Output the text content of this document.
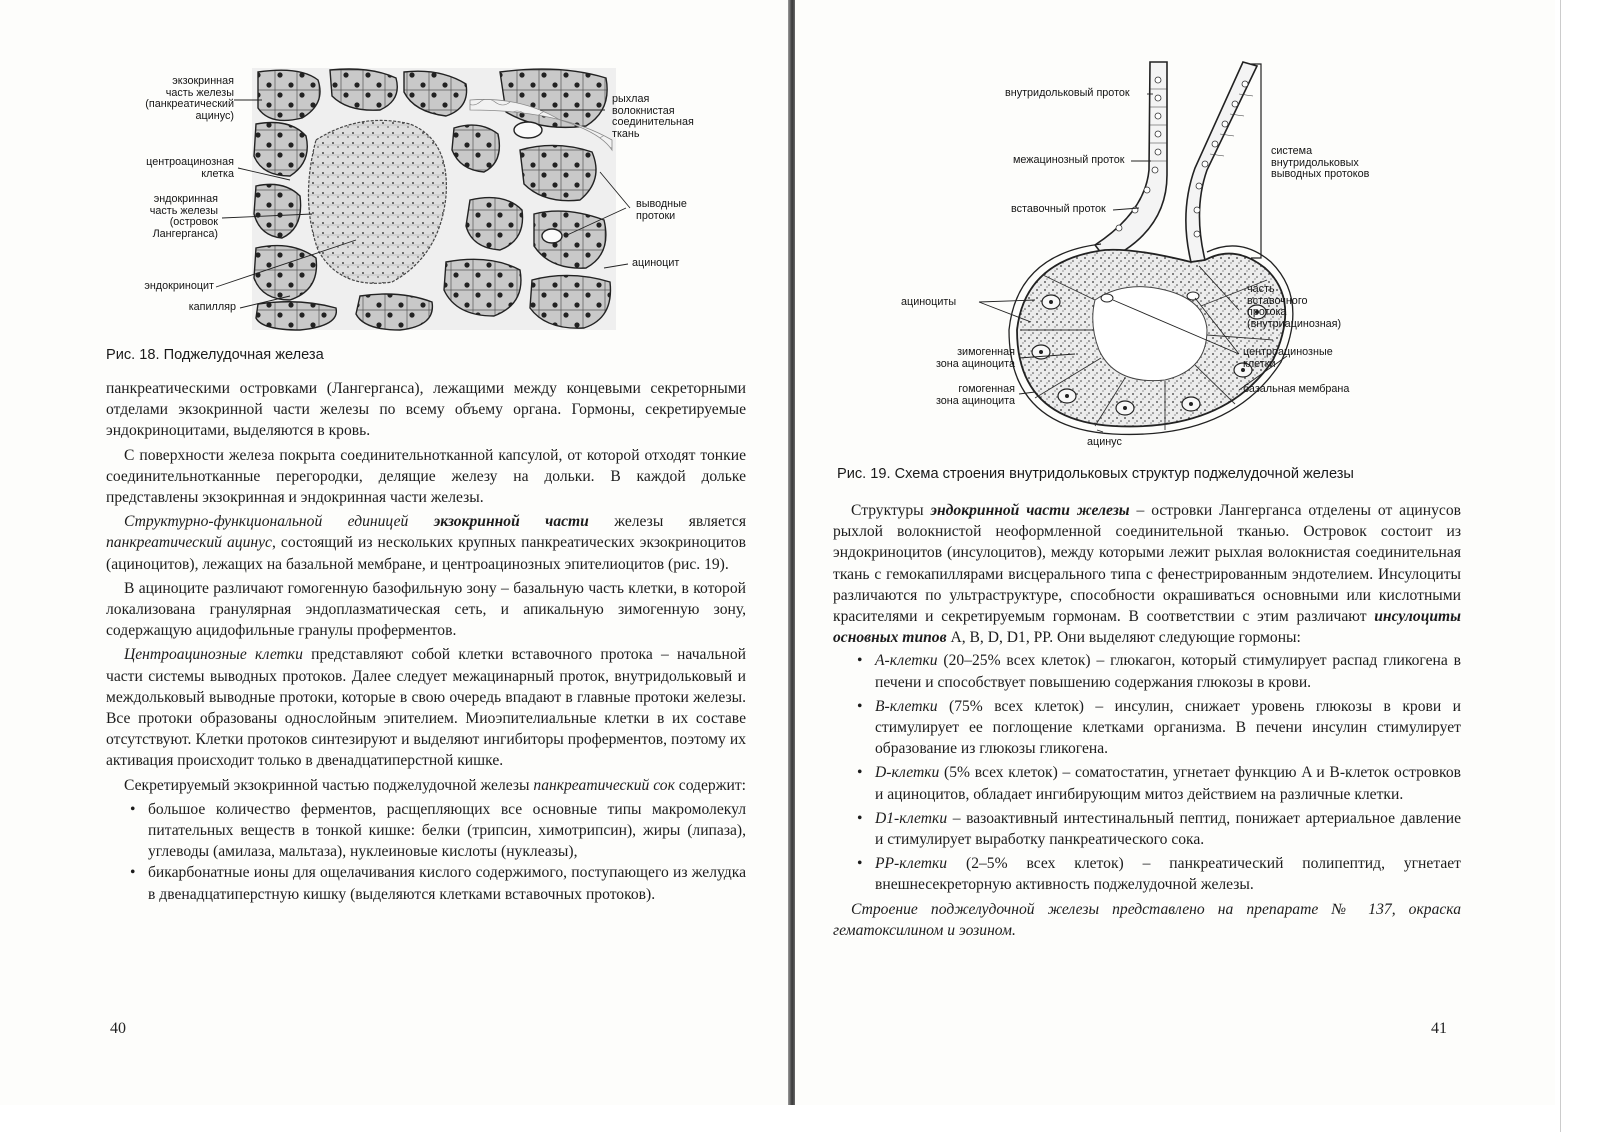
экзокринная
часть железы
(панкреатический
ацинус)
центроацинозная
клетка
эндокринная
часть железы
(островок
Лангерганса)
эндокриноцит
капилляр
рыхлая
волокнистая
соединительная
ткань
выводные
протоки
ациноцит
Рис. 18. Поджелудочная железа

панкреатическими островками (Лангерганса), лежащими между концевыми секреторными отделами экзокринной части железы по всему объему органа. Гормоны, секретируемые эндокриноцитами, выделяются в кровь.

С поверхности железа покрыта соединительнотканной капсулой, от которой отходят тонкие соединительнотканные перегородки, делящие железу на дольки. В каждой дольке представлены экзокринная и эндокринная части железы.

Структурно-функциональной единицей экзокринной части железы является панкреатический ацинус, состоящий из нескольких крупных панкреатических экзокриноцитов (ациноцитов), лежащих на базальной мембране, и центроацинозных эпителиоцитов (рис. 19).

В ациноците различают гомогенную базофильную зону – базальную часть клетки, в которой локализована гранулярная эндоплазматическая сеть, и апикальную зимогенную зону, содержащую ацидофильные гранулы проферментов.

Центроацинозные клетки представляют собой клетки вставочного протока – начальной части системы выводных протоков. Далее следует межацинарный проток, внутридольковый и междольковый выводные протоки, которые в свою очередь впадают в главные протоки железы. Все протоки образованы однослойным эпителием. Миоэпителиальные клетки в их составе отсутствуют. Клетки протоков синтезируют и выделяют ингибиторы проферментов, поэтому их активация происходит только в двенадцатиперстной кишке.

Секретируемый экзокринной частью поджелудочной железы панкреатический сок содержит:

• большое количество ферментов, расщепляющих все основные типы макромолекул питательных веществ в тонкой кишке: белки (трипсин, химотрипсин), жиры (липаза), углеводы (амилаза, мальтаза), нуклеиновые кислоты (нуклеазы),
• бикарбонатные ионы для ощелачивания кислого содержимого, поступающего из желудка в двенадцатиперстную кишку (выделяются клетками вставочных протоков).
40
внутридольковый проток
межацинозный проток
вставочный проток
система
внутридольковых
выводных протоков
часть
вставочного
протока
(внутриацинозная)
ациноциты
центроацинозные
клетки
зимогенная
зона ациноцита
гомогенная
зона ациноцита
базальная мембрана
ацинус
Рис. 19. Схема строения внутридольковых структур поджелудочной железы

Структуры эндокринной части железы – островки Лангерганса отделены от ацинусов рыхлой волокнистой неоформленной соединительной тканью. Островок состоит из эндокриноцитов (инсулоцитов), между которыми лежит рыхлая волокнистая соединительная ткань с гемокапиллярами висцерального типа с фенестрированным эндотелием. Инсулоциты различаются по ультраструктуре, способности окрашиваться основными или кислотными красителями и секретируемым гормонам. В соответствии с этим различают инсулоциты основных типов A, B, D, D1, PP. Они выделяют следующие гормоны:

• A-клетки (20–25% всех клеток) – глюкагон, который стимулирует распад гликогена в печени и способствует повышению содержания глюкозы в крови.
• B-клетки (75% всех клеток) – инсулин, снижает уровень глюкозы в крови и стимулирует ее поглощение клетками организма. В печени инсулин стимулирует образование из глюкозы гликогена.
• D-клетки (5% всех клеток) – соматостатин, угнетает функцию A и B-клеток островков и ациноцитов, обладает ингибирующим митоз действием на различные клетки.
• D1-клетки – вазоактивный интестинальный пептид, понижает артериальное давление и стимулирует выработку панкреатического сока.
• PP-клетки (2–5% всех клеток) – панкреатический полипептид, угнетает внешнесекреторную активность поджелудочной железы.

Строение поджелудочной железы представлено на препарате № 137, окраска гематоксилином и эозином.

41
